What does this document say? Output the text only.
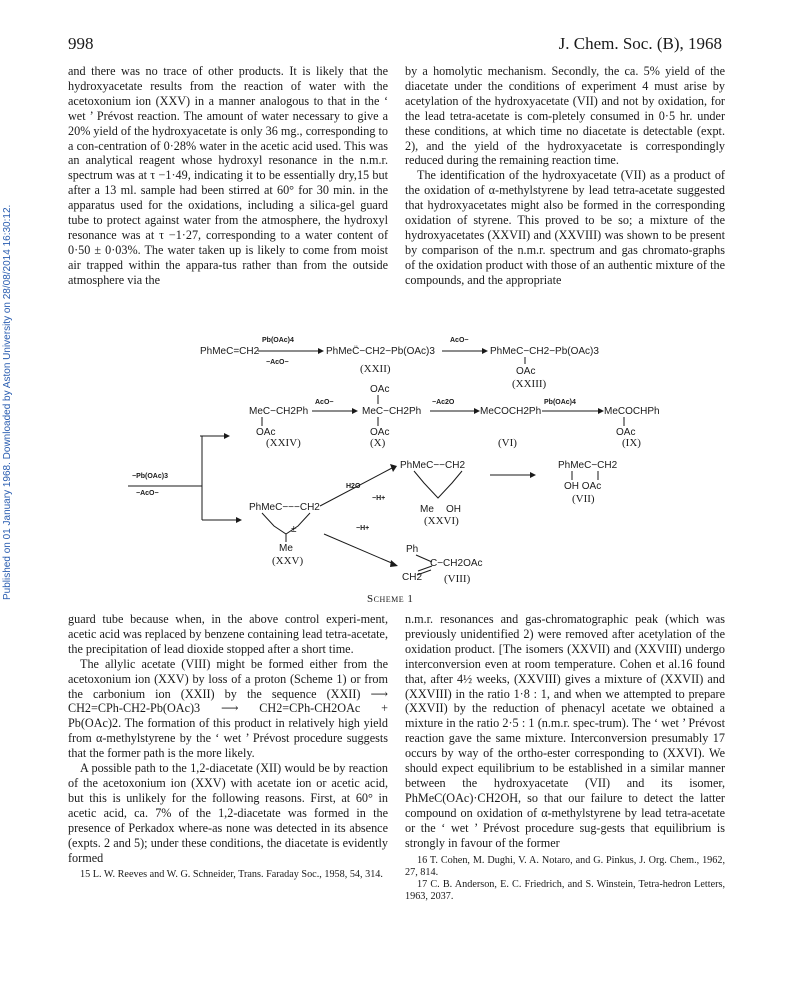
998	J. Chem. Soc. (B), 1968
Published on 01 January 1968. Downloaded by Aston University on 28/08/2014 16:30:12.

and there was no trace of other products. It is likely that the hydroxyacetate results from the reaction of water with the acetoxonium ion (XXV) in a manner analogous to that in the ‘ wet ’ Prévost reaction. The amount of water necessary to give a 20% yield of the hydroxyacetate is only 36 mg., corresponding to a con-centration of 0·28% water in the acetic acid used. This was an analytical reagent whose hydroxyl resonance in the n.m.r. spectrum was at τ −1·49, indicating it to be essentially dry,15 but after a 13 ml. sample had been stirred at 60° for 30 min. in the apparatus used for the oxidations, including a silica-gel guard tube to protect against water from the atmosphere, the hydroxyl resonance was at τ −1·27, corresponding to a water content of 0·50 ± 0·03%. The water taken up is likely to come from moist air trapped within the appara-tus rather than from the outside atmosphere via the

by a homolytic mechanism. Secondly, the ca. 5% yield of the diacetate under the conditions of experiment 4 must arise by acetylation of the hydroxyacetate (VII) and not by oxidation, for the lead tetra-acetate is com-pletely consumed in 0·5 hr. under these conditions, at which time no diacetate is detectable (expt. 2), and the yield of the hydroxyacetate is correspondingly reduced during the remaining reaction time.

The identification of the hydroxyacetate (VII) as a product of the oxidation of α-methylstyrene by lead tetra-acetate suggested that hydroxyacetates might also be formed in the corresponding oxidation of styrene. This proved to be so; a mixture of the hydroxyacetates (XXVII) and (XXVIII) was shown to be present by comparison of the n.m.r. spectrum and gas chromato-graphs of the oxidation product with those of an authentic mixture of the compounds, and the appropriate

PhMeC=CH2
Pb(OAc)4
−AcO−
PhMeC̈−CH2−Pb(OAc)3
(XXII)
AcO−
PhMeC−CH2−Pb(OAc)3
OAc
(XXIII)
MeC−CH2Ph
OAc
(XXIV)
AcO−
OAc
MeC−CH2Ph
OAc
(X)
−Ac2O
MeCOCH2Ph
(VI)
Pb(OAc)4
MeCOCHPh
OAc
(IX)
−Pb(OAc)3
−AcO−
PhMeC−−−CH2
±
Me
(XXV)
H2O
−H+
PhMeC−−CH2
Me OH
(XXVI)
PhMeC−CH2
OH OAc
(VII)
−H+
Ph
C−CH2OAc
CH2 (VIII)
Scheme 1

guard tube because when, in the above control experi-ment, acetic acid was replaced by benzene containing lead tetra-acetate, the precipitation of lead dioxide stopped after a short time.

The allylic acetate (VIII) might be formed either from the acetoxonium ion (XXV) by loss of a proton (Scheme 1) or from the carbonium ion (XXII) by the sequence (XXII) ⟶ CH2=CPh-CH2-Pb(OAc)3 ⟶ CH2=CPh-CH2OAc + Pb(OAc)2. The formation of this product in relatively high yield from α-methylstyrene by the ‘ wet ’ Prévost procedure suggests that the former path is the more likely.

A possible path to the 1,2-diacetate (XII) would be by reaction of the acetoxonium ion (XXV) with acetate ion or acetic acid, but this is unlikely for the following reasons. First, at 60° in acetic acid, ca. 7% of the 1,2-diacetate was formed in the presence of Perkadox where-as none was detected in its absence (expts. 2 and 5); under these conditions, the diacetate is evidently formed

15 L. W. Reeves and W. G. Schneider, Trans. Faraday Soc., 1958, 54, 314.

n.m.r. resonances and gas-chromatographic peak (which was previously unidentified 2) were removed after acetylation of the oxidation product. [The isomers (XXVII) and (XXVIII) undergo interconversion even at room temperature. Cohen et al.16 found that, after 4½ weeks, (XXVIII) gives a mixture of (XXVII) and (XXVIII) in the ratio 1·8 : 1, and when we attempted to prepare (XXVII) by the reduction of phenacyl acetate we obtained a mixture in the ratio 2·5 : 1 (n.m.r. spec-trum). The ‘ wet ’ Prévost reaction gave the same mixture. Interconversion presumably 17 occurs by way of the ortho-ester corresponding to (XXVI). We should expect equilibrium to be established in a similar manner between the hydroxyacetate (VII) and its isomer, PhMeC(OAc)·CH2OH, so that our failure to detect the latter compound on oxidation of α-methylstyrene by lead tetra-acetate or the ‘ wet ’ Prévost procedure sug-gests that equilibrium is strongly in favour of the former

16 T. Cohen, M. Dughi, V. A. Notaro, and G. Pinkus, J. Org. Chem., 1962, 27, 814.

17 C. B. Anderson, E. C. Friedrich, and S. Winstein, Tetra-hedron Letters, 1963, 2037.
